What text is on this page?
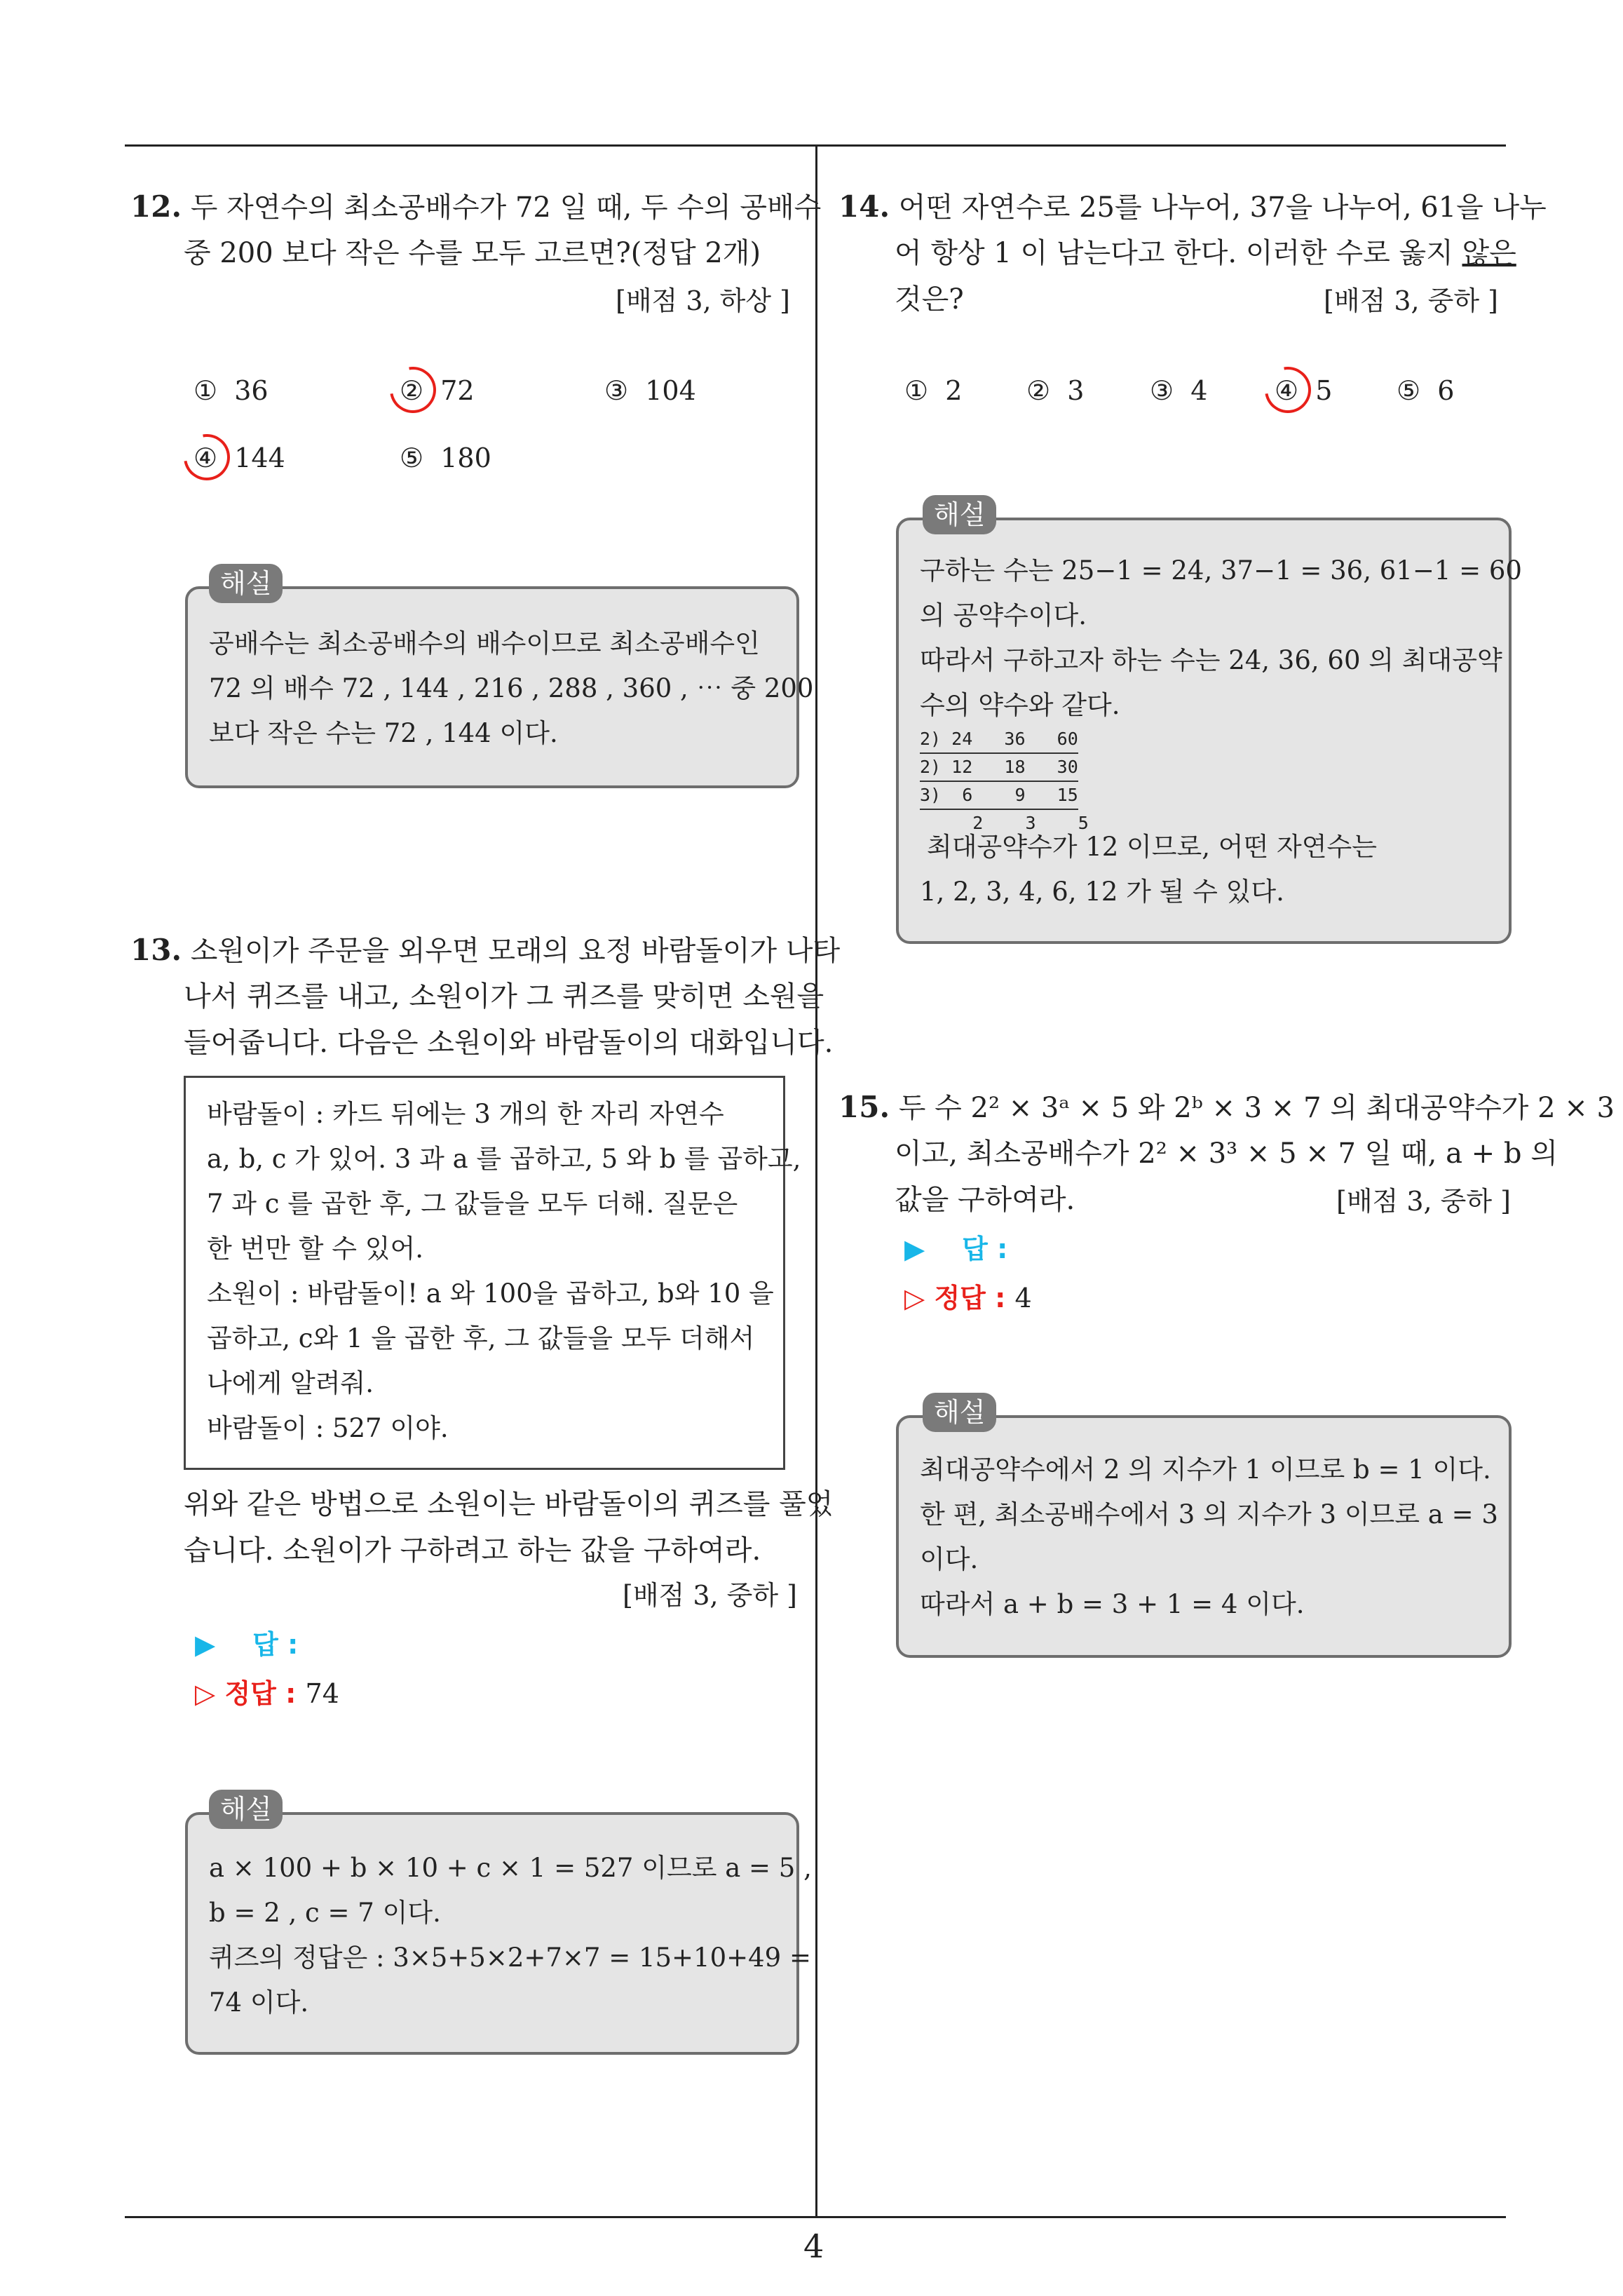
12. 두 자연수의 최소공배수가 72 일 때, 두 수의 공배수
중 200 보다 작은 수를 모두 고르면?(정답 2개)
[배점 3, 하상 ]
① 36	② 72	③ 104
④ 144	⑤ 180
공배수는 최소공배수의 배수이므로 최소공배수인
72 의 배수 72 , 144 , 216 , 288 , 360 , ⋯ 중 200
보다 작은 수는 72 , 144 이다.
해설
13. 소원이가 주문을 외우면 모래의 요정 바람돌이가 나타
나서 퀴즈를 내고, 소원이가 그 퀴즈를 맞히면 소원을
들어줍니다. 다음은 소원이와 바람돌이의 대화입니다.
바람돌이 : 카드 뒤에는 3 개의 한 자리 자연수
a, b, c 가 있어. 3 과 a 를 곱하고, 5 와 b 를 곱하고,
7 과 c 를 곱한 후, 그 값들을 모두 더해. 질문은
한 번만 할 수 있어.
소원이 : 바람돌이! a 와 100을 곱하고, b와 10 을
곱하고, c와 1 을 곱한 후, 그 값들을 모두 더해서
나에게 알려줘.
바람돌이 : 527 이야.
위와 같은 방법으로 소원이는 바람돌이의 퀴즈를 풀었
습니다. 소원이가 구하려고 하는 값을 구하여라.
[배점 3, 중하 ]
▶ 답 :
▷ 정답 : 74
a × 100 + b × 10 + c × 1 = 527 이므로 a = 5 ,
b = 2 , c = 7 이다.
퀴즈의 정답은 : 3×5+5×2+7×7 = 15+10+49 =
74 이다.
해설
14. 어떤 자연수로 25를 나누어, 37을 나누어, 61을 나누
어 항상 1 이 남는다고 한다. 이러한 수로 옳지 않은
것은?	[배점 3, 중하 ]
① 2 ② 3 ③ 4	④ 5 ⑤ 6
구하는 수는 25−1 = 24, 37−1 = 36, 61−1 = 60
의 공약수이다.
따라서 구하고자 하는 수는 24, 36, 60 의 최대공약
수의 약수와 같다.
2) 24   36   60
2) 12   18   30
3)  6    9   15
2    3    5
최대공약수가 12 이므로, 어떤 자연수는
1, 2, 3, 4, 6, 12 가 될 수 있다.
해설
15. 두 수 2² × 3ᵃ × 5 와 2ᵇ × 3 × 7 의 최대공약수가 2 × 3
이고, 최소공배수가 2² × 3³ × 5 × 7 일 때, a + b 의
값을 구하여라.	[배점 3, 중하 ]
▶ 답 :
▷ 정답 : 4
최대공약수에서 2 의 지수가 1 이므로 b = 1 이다.
한 편, 최소공배수에서 3 의 지수가 3 이므로 a = 3
이다.
따라서 a + b = 3 + 1 = 4 이다.
해설
4
